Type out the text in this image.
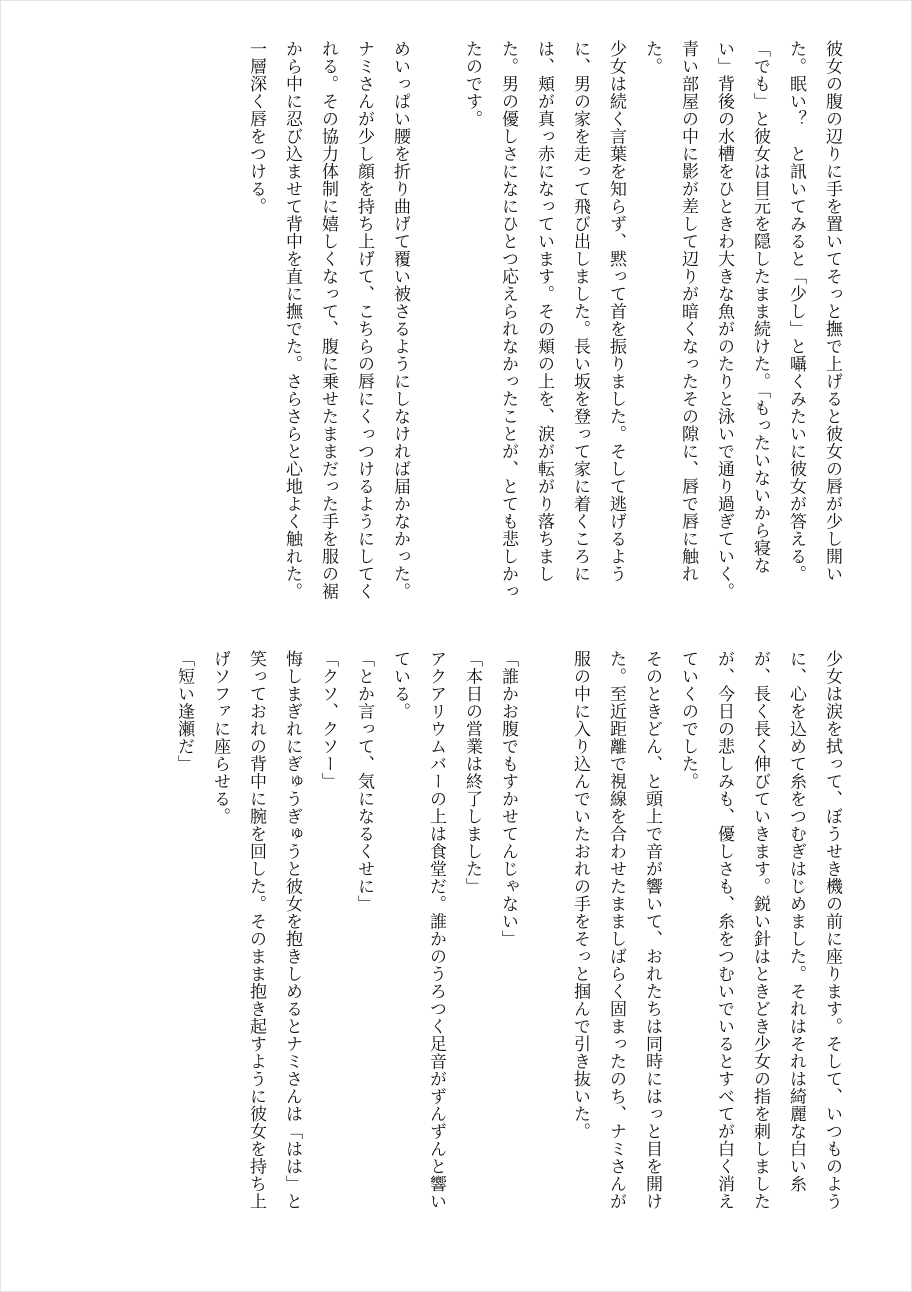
彼女の腹の辺りに手を置いてそっと撫で上げると彼女の唇が少し開いた。眠い？　と訊いてみると「少し」と囁くみたいに彼女が答える。「でも」と彼女は目元を隠したまま続けた。「もったいないから寝ない」背後の水槽をひときわ大きな魚がのたりと泳いで通り過ぎていく。青い部屋の中に影が差して辺りが暗くなったその隙に、唇で唇に触れた。

少女は続く言葉を知らず、黙って首を振りました。そして逃げるように、男の家を走って飛び出しました。長い坂を登って家に着くころには、頬が真っ赤になっています。その頬の上を、涙が転がり落ちました。男の優しさになにひとつ応えられなかったことが、とても悲しかったのです。

めいっぱい腰を折り曲げて覆い被さるようにしなければ届かなかった。ナミさんが少し顔を持ち上げて、こちらの唇にくっつけるようにしてくれる。その協力体制に嬉しくなって、腹に乗せたままだった手を服の裾から中に忍び込ませて背中を直に撫でた。さらさらと心地よく触れた。一層深く唇をつける。

少女は涙を拭って、ぼうせき機の前に座ります。そして、いつものように、心を込めて糸をつむぎはじめました。それはそれは綺麗な白い糸が、長く長く伸びていきます。鋭い針はときどき少女の指を刺しましたが、今日の悲しみも、優しさも、糸をつむいでいるとすべてが白く消えていくのでした。

そのときどん、と頭上で音が響いて、おれたちは同時にはっと目を開けた。至近距離で視線を合わせたまましばらく固まったのち、ナミさんが服の中に入り込んでいたおれの手をそっと掴んで引き抜いた。

「誰かお腹でもすかせてんじゃない」

「本日の営業は終了しました」

アクアリウムバーの上は食堂だ。誰かのうろつく足音がずんずんと響いている。

「とか言って、気になるくせに」

「クソ、クソー」

悔しまぎれにぎゅうぎゅうと彼女を抱きしめるとナミさんは「はは」と笑っておれの背中に腕を回した。そのまま抱き起すように彼女を持ち上げソファに座らせる。

「短い逢瀬だ」
